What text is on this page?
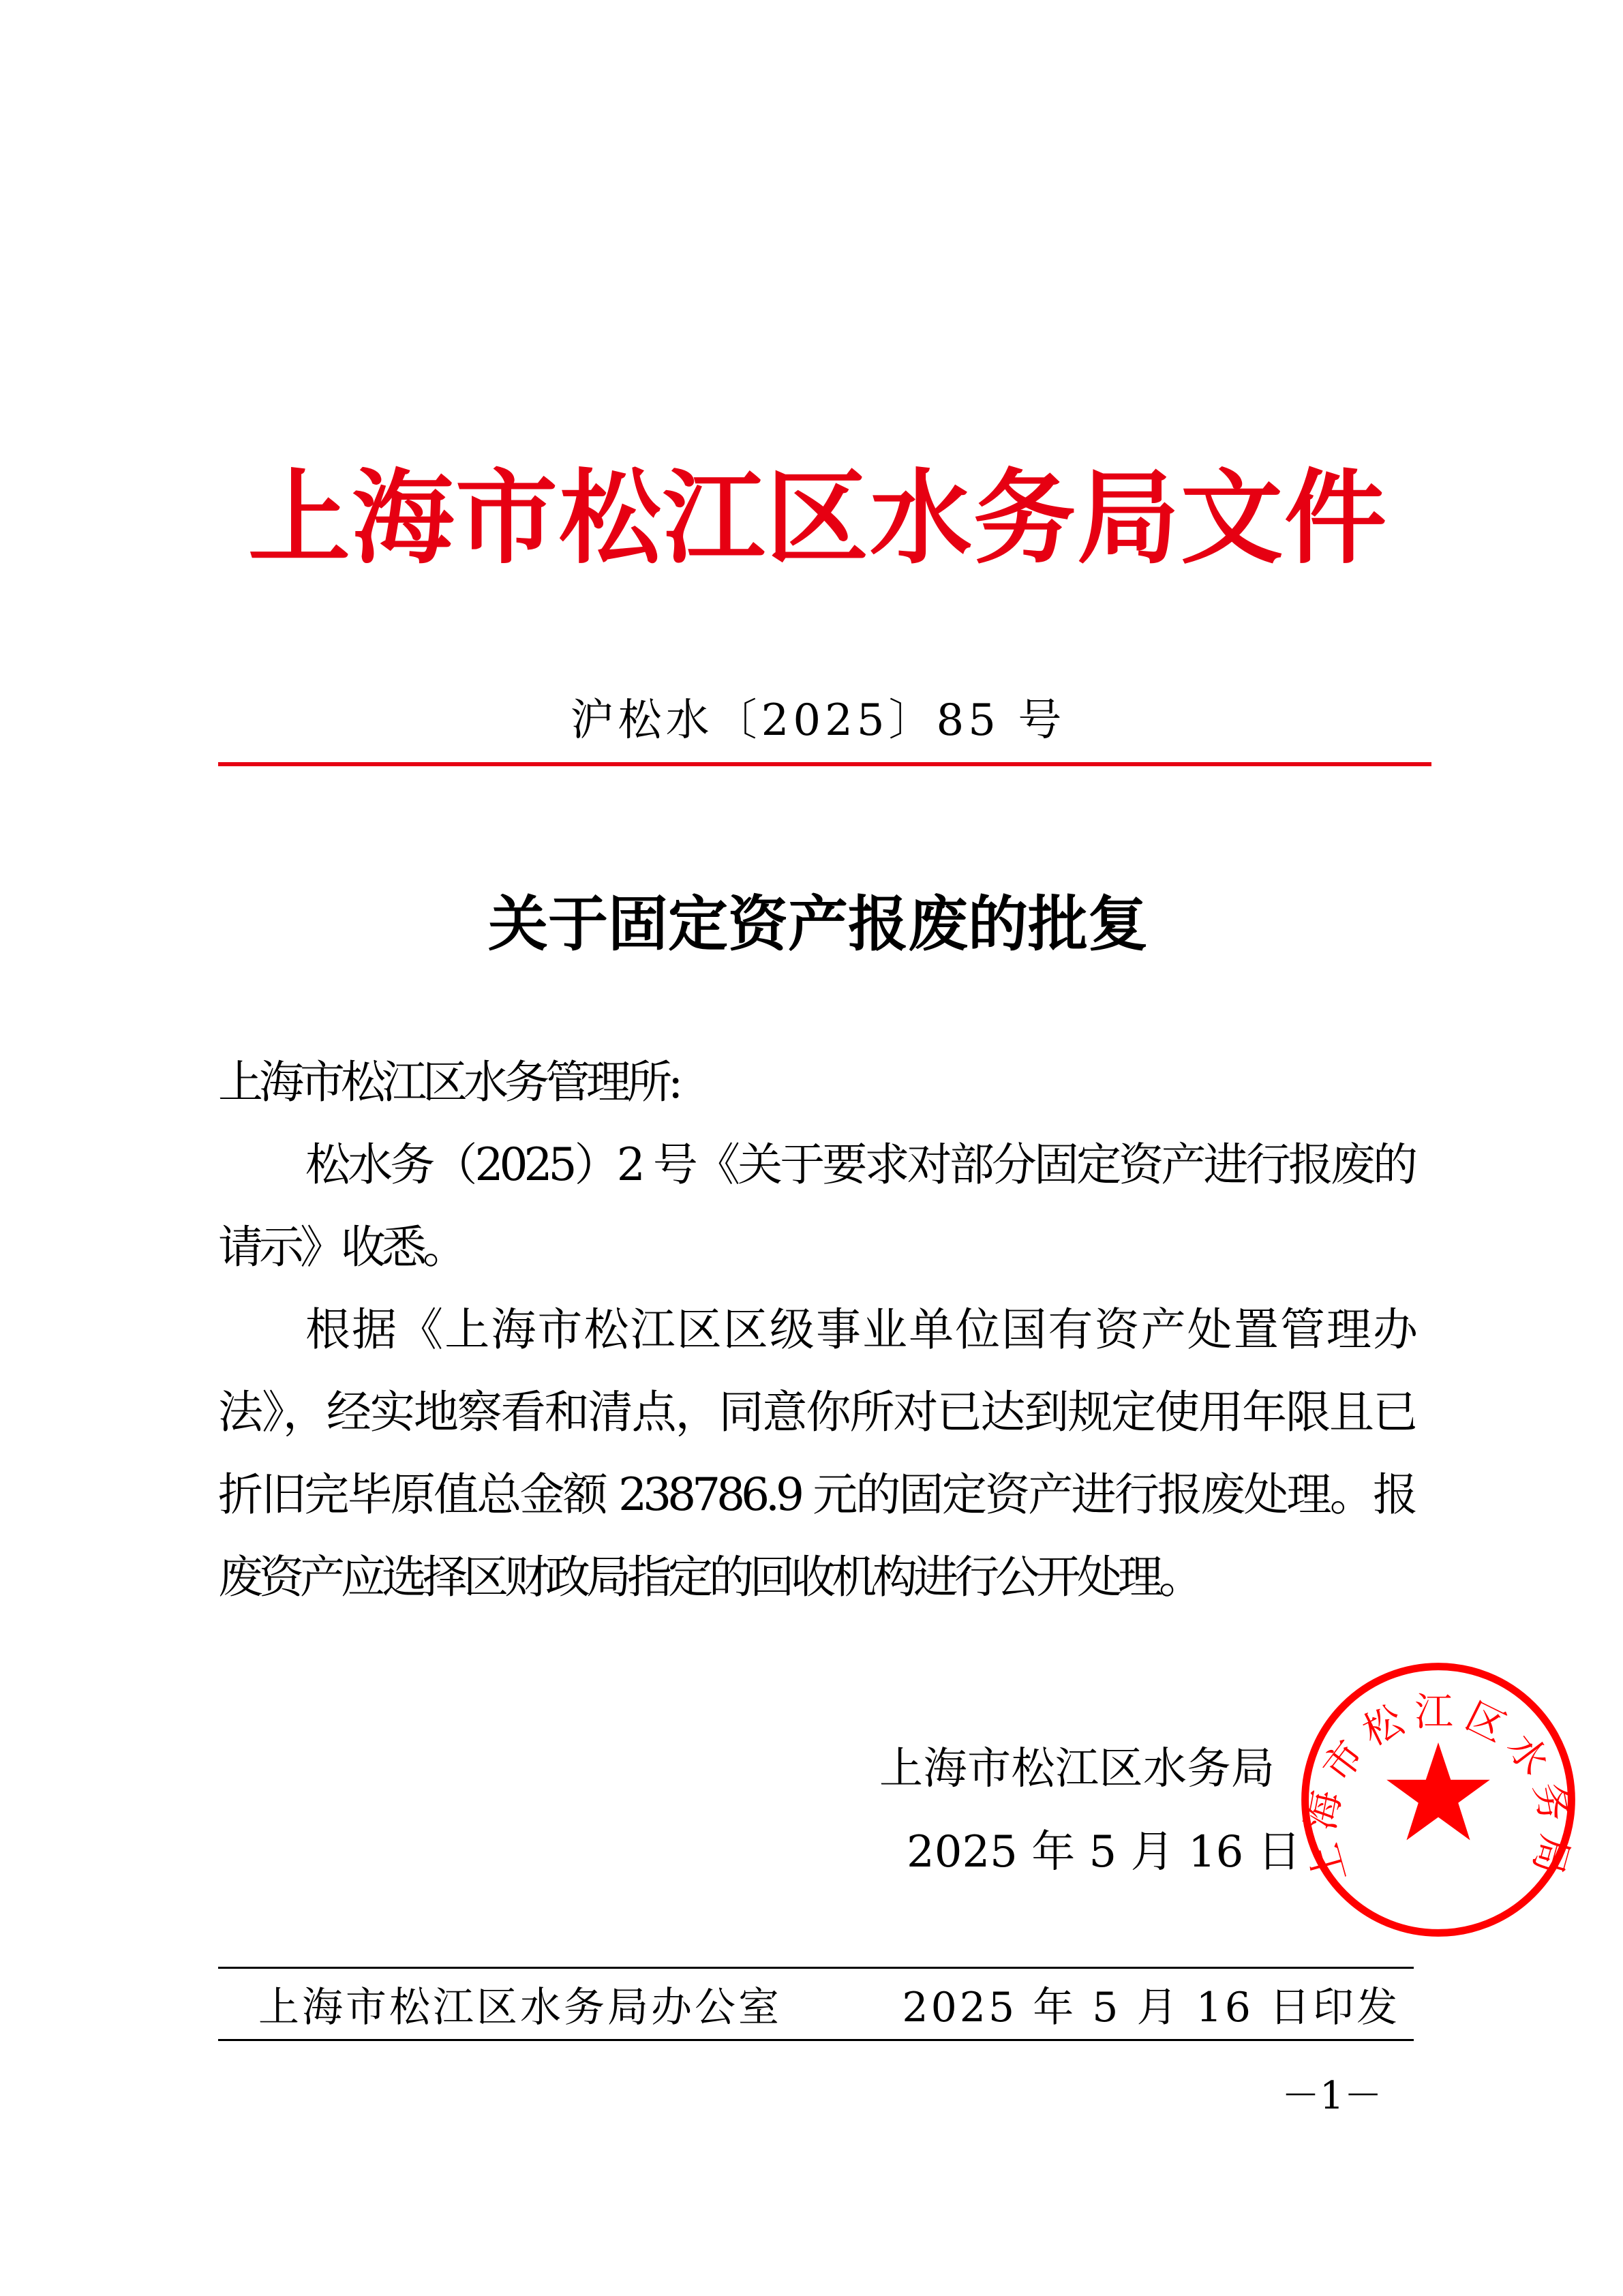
上海市松江区水务局文件
沪松水〔2025〕85 号
关于固定资产报废的批复
上海市松江区水务管理所:
松水务（2025）2 号《关于要求对部分固定资产进行报废的
请示》收悉。
根据《上海市松江区区级事业单位国有资产处置管理办
法》，经实地察看和清点，同意你所对已达到规定使用年限且已
折旧完毕原值总金额 238786.9 元的固定资产进行报废处理。报
废资产应选择区财政局指定的回收机构进行公开处理。
上海市松江区水务局
上海市松江区水务局
2025 年 5 月 16 日
上海市松江区水务局办公室	2025 年 5 月 16 日印发
－1－
